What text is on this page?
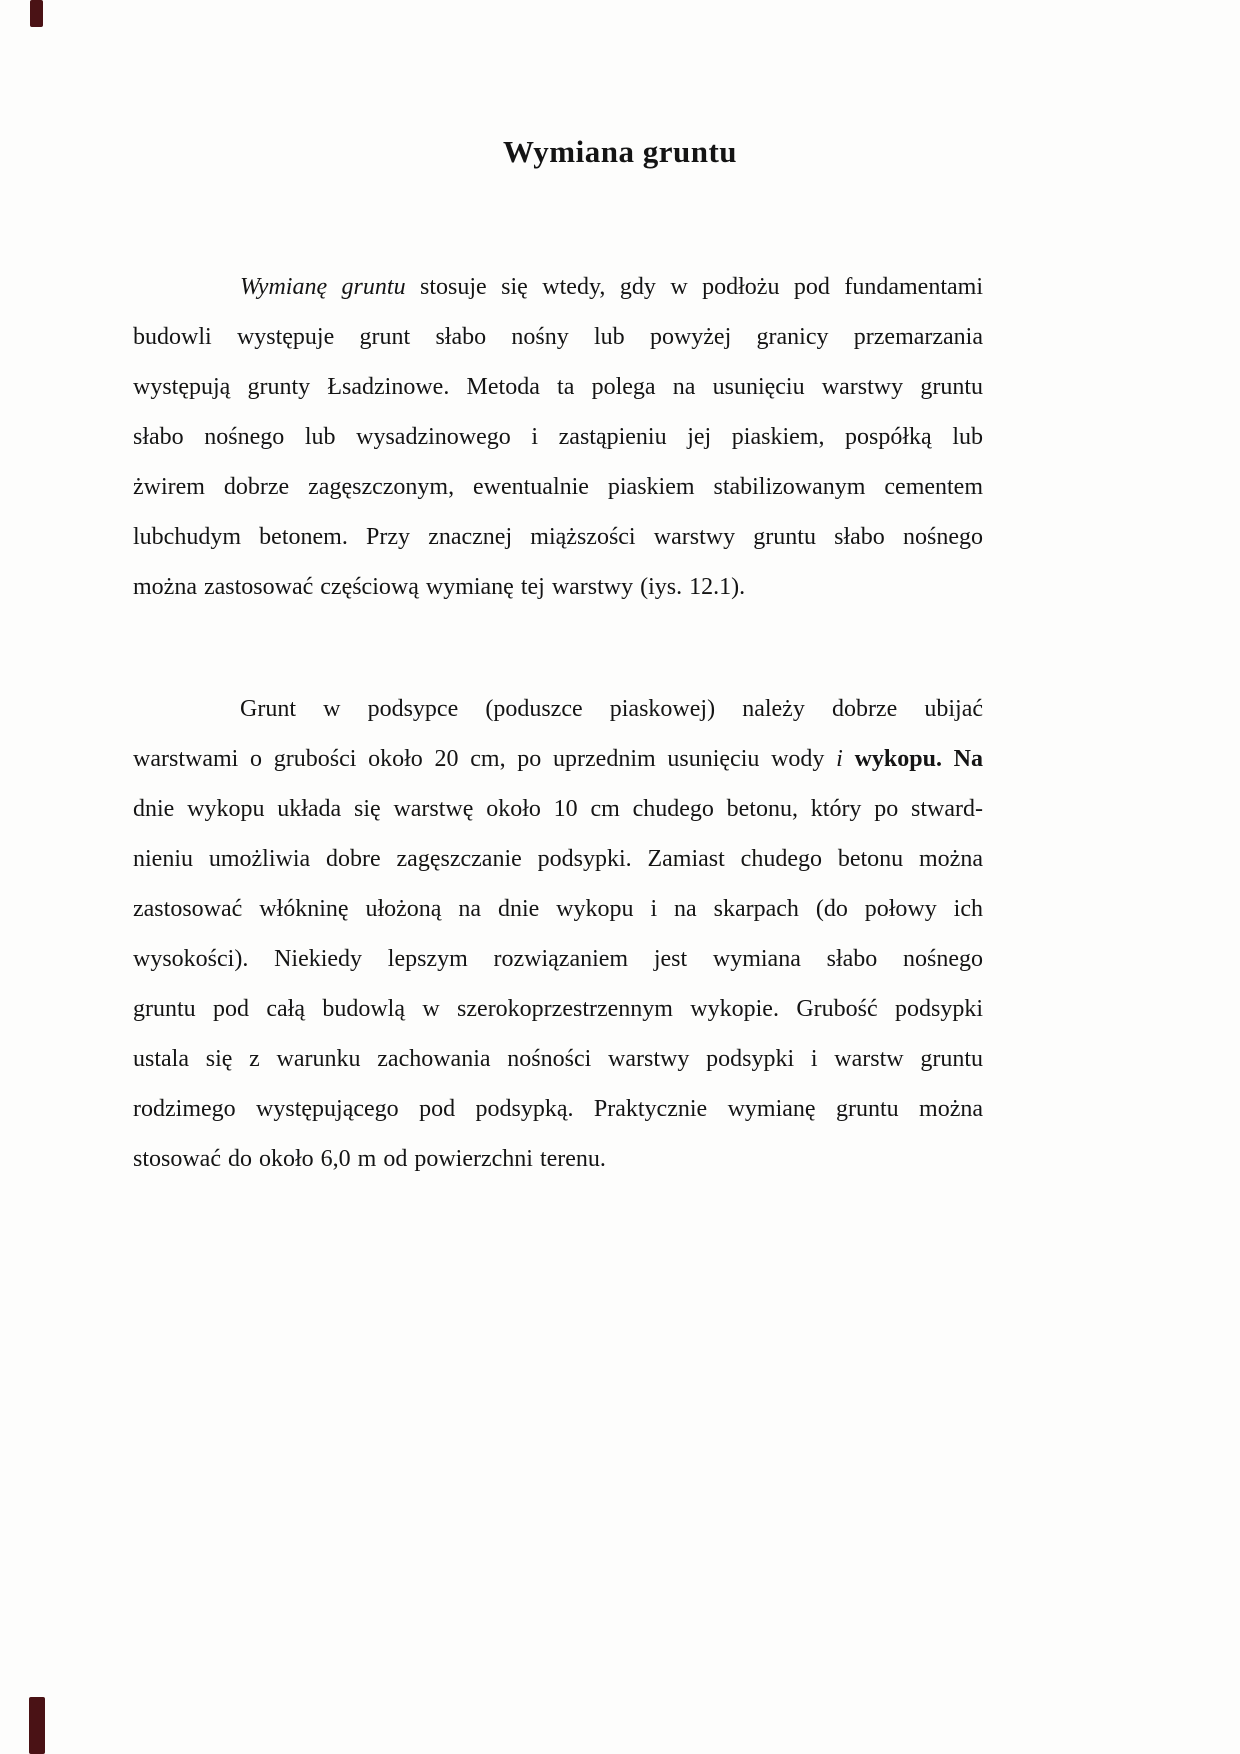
Wymiana gruntu
Wymianę gruntu stosuje się wtedy, gdy w podłożu pod fundamentami
budowli występuje grunt słabo nośny lub powyżej granicy przemarzania
występują grunty Łsadzinowe. Metoda ta polega na usunięciu warstwy gruntu
słabo nośnego lub wysadzinowego i zastąpieniu jej piaskiem, pospółką lub
żwirem dobrze zagęszczonym, ewentualnie piaskiem stabilizowanym cementem
lubchudym betonem. Przy znacznej miąższości warstwy gruntu słabo nośnego
można zastosować częściową wymianę tej warstwy (iys. 12.1).
Grunt w podsypce (poduszce piaskowej) należy dobrze ubijać
warstwami o grubości około 20 cm, po uprzednim usunięciu wody i wykopu. Na
dnie wykopu układa się warstwę około 10 cm chudego betonu, który po stward-
nieniu umożliwia dobre zagęszczanie podsypki. Zamiast chudego betonu można
zastosować włókninę ułożoną na dnie wykopu i na skarpach (do połowy ich
wysokości). Niekiedy lepszym rozwiązaniem jest wymiana słabo nośnego
gruntu pod całą budowlą w szerokoprzestrzennym wykopie. Grubość podsypki
ustala się z warunku zachowania nośności warstwy podsypki i warstw gruntu
rodzimego występującego pod podsypką. Praktycznie wymianę gruntu można
stosować do około 6,0 m od powierzchni terenu.
